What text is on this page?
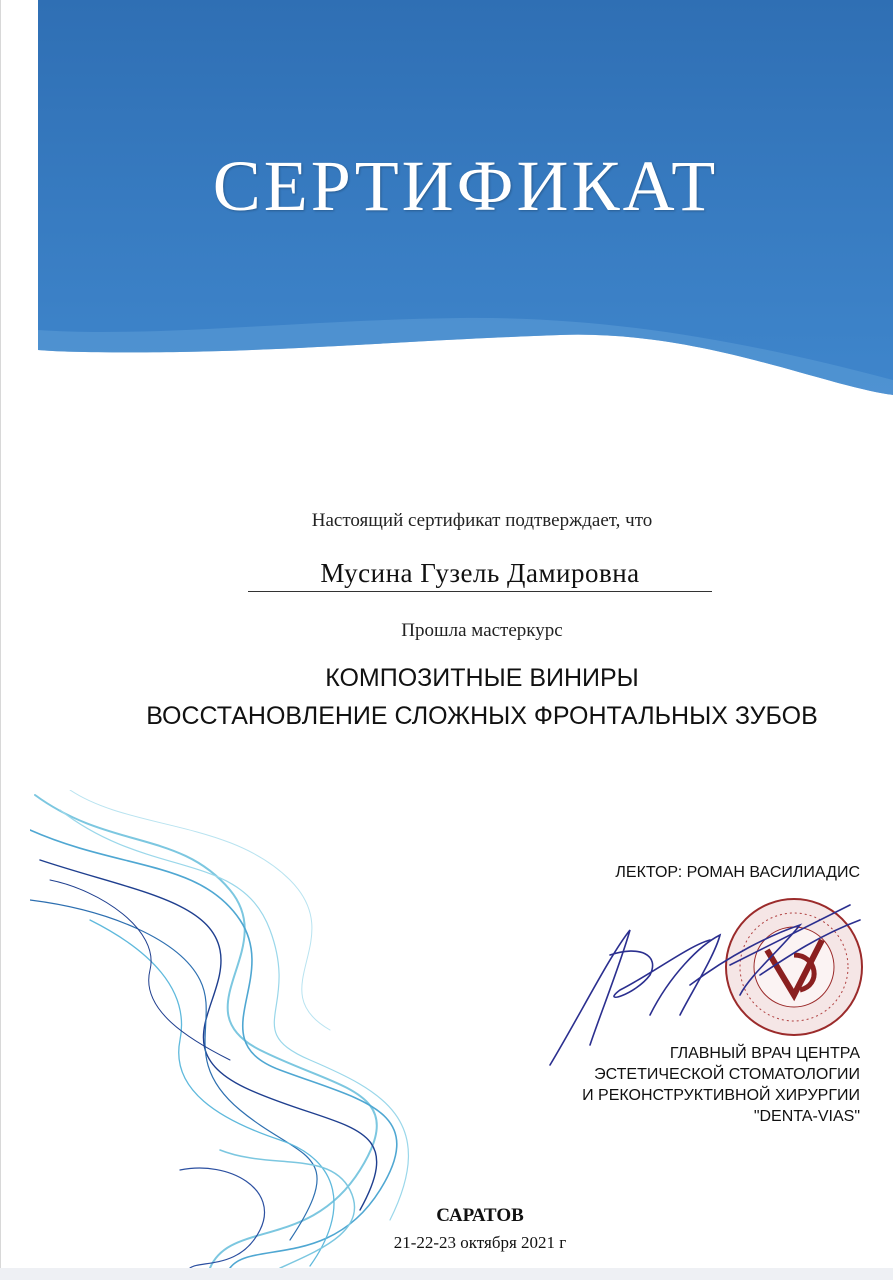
СЕРТИФИКАТ
Настоящий сертификат подтверждает, что
Мусина Гузель Дамировна
Прошла мастеркурс
КОМПОЗИТНЫЕ ВИНИРЫ
ВОССТАНОВЛЕНИЕ СЛОЖНЫХ ФРОНТАЛЬНЫХ ЗУБОВ
ЛЕКТОР: РОМАН ВАСИЛИАДИС
ГЛАВНЫЙ ВРАЧ ЦЕНТРА
ЭСТЕТИЧЕСКОЙ СТОМАТОЛОГИИ
И РЕКОНСТРУКТИВНОЙ ХИРУРГИИ
"DENTA-VIAS"
САРАТОВ
21-22-23 октября 2021 г
